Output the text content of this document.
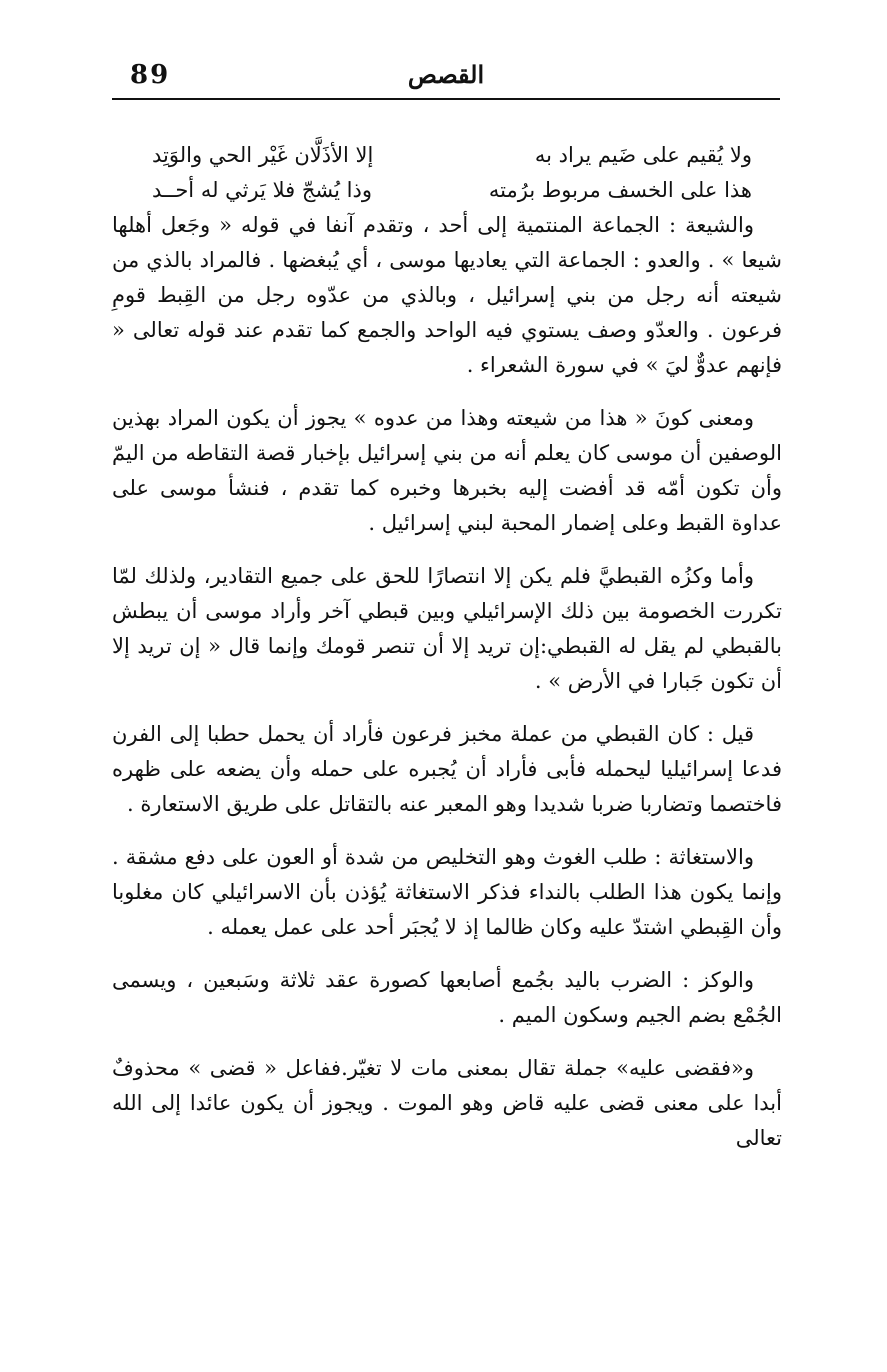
89	القصص
ولا يُقيم على ضَيم يراد به
إلا الأذَلَّان غَيْر الحي والوَتِد
هذا على الخسف مربوط برُمته
وذا يُشجّ فلا يَرثي له أحــد

والشيعة : الجماعة المنتمية إلى أحد ، وتقدم آنفا في قوله « وجَعل أهلها شيعا » . والعدو : الجماعة التي يعاديها موسى ، أي يُبغضها . فالمراد بالذي من شيعته أنه رجل من بني إسرائيل ، وبالذي من عدّوه رجل من القِبط قومِ فرعون . والعدّو وصف يستوي فيه الواحد والجمع كما تقدم عند قوله تعالى « فإنهم عدوٌّ ليَ » في سورة الشعراء .

ومعنى كونَ « هذا من شيعته وهذا من عدوه » يجوز أن يكون المراد بهذين الوصفين أن موسى كان يعلم أنه من بني إسرائيل بإخبار قصة التقاطه من اليمّ وأن تكون أمّه قد أفضت إليه بخبرها وخبره كما تقدم ، فنشأ موسى على عداوة القبط وعلى إضمار المحبة لبني إسرائيل .

وأما وكزُه القبطيَّ فلم يكن إلا انتصارًا للحق على جميع التقادير، ولذلك لمّا تكررت الخصومة بين ذلك الإسرائيلي وبين قبطي آخر وأراد موسى أن يبطش بالقبطي لم يقل له القبطي:إن تريد إلا أن تنصر قومك وإنما قال « إن تريد إلا أن تكون جَبارا في الأرض » .

قيل : كان القبطي من عملة مخبز فرعون فأراد أن يحمل حطبا إلى الفرن فدعا إسرائيليا ليحمله فأبى فأراد أن يُجبره على حمله وأن يضعه على ظهره فاختصما وتضاربا ضربا شديدا وهو المعبر عنه بالتقاتل على طريق الاستعارة .

والاستغاثة : طلب الغوث وهو التخليص من شدة أو العون على دفع مشقة . وإنما يكون هذا الطلب بالنداء فذكر الاستغاثة يُؤذن بأن الاسرائيلي كان مغلوبا وأن القِبطي اشتدّ عليه وكان ظالما إذ لا يُجبَر أحد على عمل يعمله .

والوكز : الضرب باليد بجُمع أصابعها كصورة عقد ثلاثة وسَبعين ، ويسمى الجُمْع بضم الجيم وسكون الميم .

و«فقضى عليه» جملة تقال بمعنى مات لا تغيّر.ففاعل « قضى » محذوفٌ أبدا على معنى قضى عليه قاض وهو الموت . ويجوز أن يكون عائدا إلى الله تعالى
